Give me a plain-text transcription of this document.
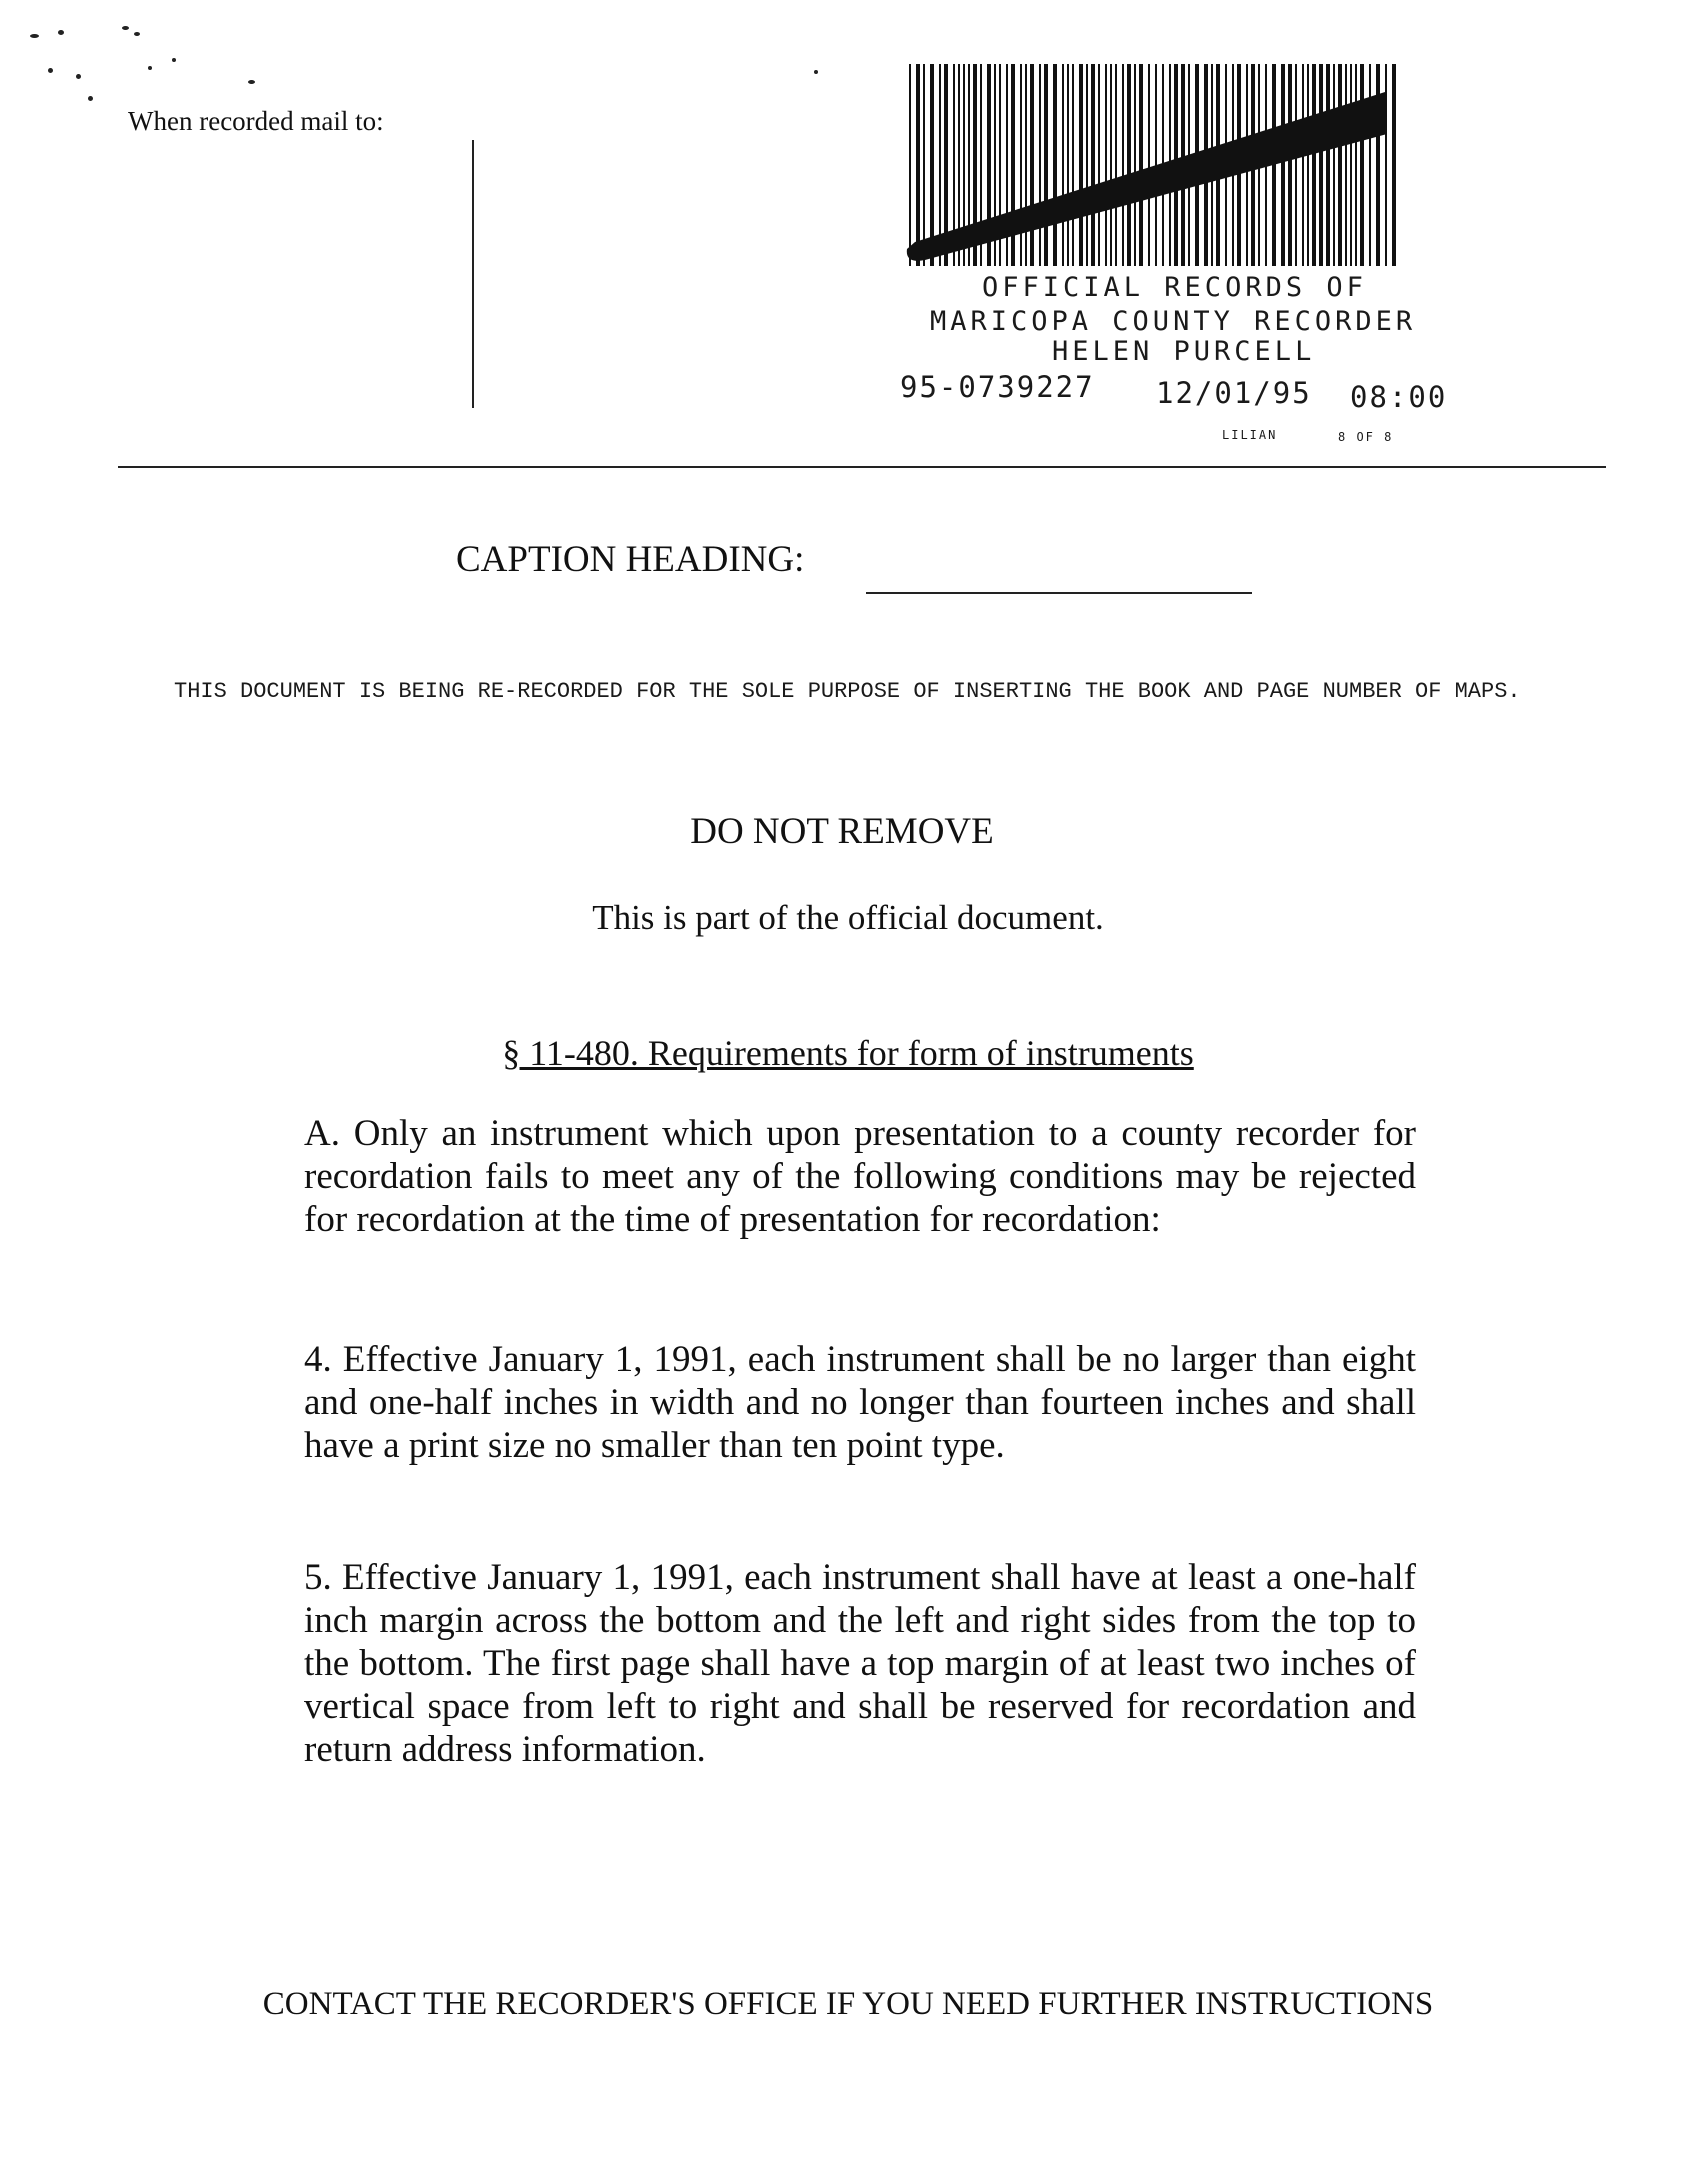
When recorded mail to:
OFFICIAL RECORDS OF
MARICOPA COUNTY RECORDER
HELEN PURCELL
95-0739227 12/01/95 08:00
LILIAN	8 OF 8
CAPTION HEADING:
THIS DOCUMENT IS BEING RE-RECORDED FOR THE SOLE PURPOSE OF INSERTING THE BOOK AND PAGE NUMBER OF MAPS.
DO NOT REMOVE
This is part of the official document.
§ 11-480. Requirements for form of instruments
A. Only an instrument which upon presentation to a county recorder for recordation fails to meet any of the following conditions may be rejected for recordation at the time of presentation for recordation:
4. Effective January 1, 1991, each instrument shall be no larger than eight and one-half inches in width and no longer than fourteen inches and shall have a print size no smaller than ten point type.
5. Effective January 1, 1991, each instrument shall have at least a one-half inch margin across the bottom and the left and right sides from the top to the bottom. The first page shall have a top margin of at least two inches of vertical space from left to right and shall be reserved for recordation and return address information.
CONTACT THE RECORDER'S OFFICE IF YOU NEED FURTHER INSTRUCTIONS
